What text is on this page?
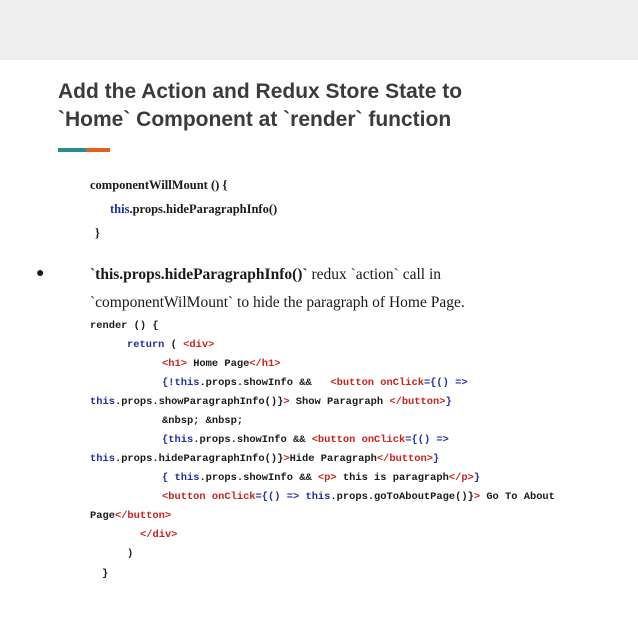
Add the Action and Redux Store State to
`Home` Component at `render` function
componentWillMount () {
this.props.hideParagraphInfo()
}
●	`this.props.hideParagraphInfo()` redux `action` call in
`componentWilMount` to hide the paragraph of Home Page.
render () {
return ( <div>
<h1> Home Page</h1>
{!this.props.showInfo &&   <button onClick={() =>
this.props.showParagraphInfo()}> Show Paragraph </button>}
&nbsp; &nbsp;
{this.props.showInfo && <button onClick={() =>
this.props.hideParagraphInfo()}>Hide Paragraph</button>}
{ this.props.showInfo && <p> this is paragraph</p>}
<button onClick={() => this.props.goToAboutPage()}> Go To About
Page</button>
</div>
)
}
